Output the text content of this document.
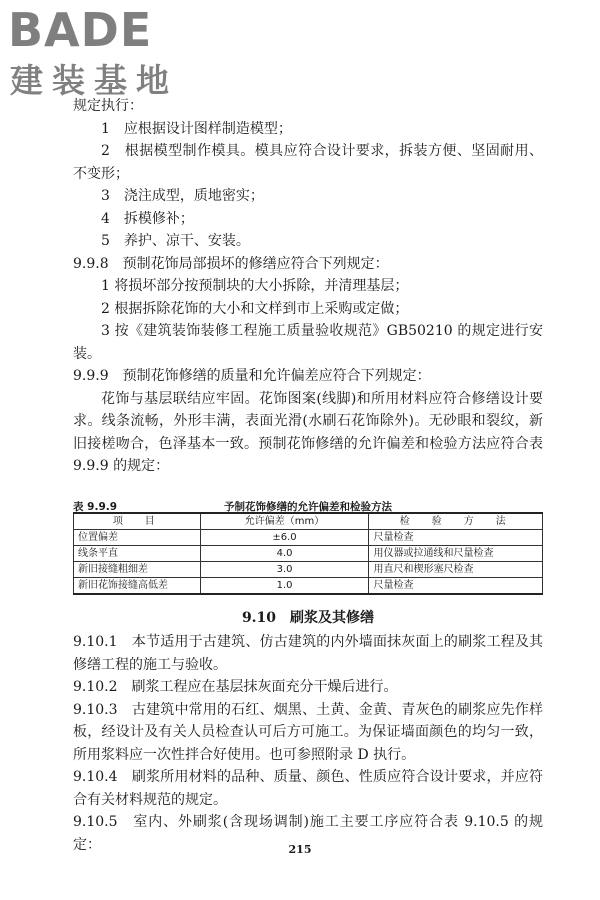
BADE
建装基地

规定执行：

1　应根据设计图样制造模型；

2　根据模型制作模具。模具应符合设计要求，拆装方便、坚固耐用、不变形；

3　浇注成型，质地密实；

4　拆模修补；

5　养护、凉干、安装。

9.9.8　预制花饰局部损坏的修缮应符合下列规定：

1 将损坏部分按预制块的大小拆除，并清理基层；

2 根据拆除花饰的大小和文样到市上采购或定做；

3 按《建筑装饰装修工程施工质量验收规范》GB50210 的规定进行安装。

9.9.9　预制花饰修缮的质量和允许偏差应符合下列规定：

花饰与基层联结应牢固。花饰图案(线脚)和所用材料应符合修缮设计要求。线条流畅，外形丰满，表面光滑(水刷石花饰除外)。无砂眼和裂纹，新旧接槎吻合，色泽基本一致。预制花饰修缮的允许偏差和检验方法应符合表 9.9.9 的规定：

予制花饰修缮的允许偏差和检验方法
表 9.9.9
项　目	允许偏差（mm）	检　验　方　法
位置偏差	±6.0	尺量检查
线条平直	4.0	用仪器或拉通线和尺量检查
新旧接缝粗细差	3.0	用直尺和楔形塞尺检查
新旧花饰接缝高低差	1.0	尺量检查
9.10　刷浆及其修缮

9.10.1　本节适用于古建筑、仿古建筑的内外墙面抹灰面上的刷浆工程及其修缮工程的施工与验收。

9.10.2　刷浆工程应在基层抹灰面充分干燥后进行。

9.10.3　古建筑中常用的石红、烟黑、土黄、金黄、青灰色的刷浆应先作样板，经设计及有关人员检查认可后方可施工。为保证墙面颜色的均匀一致，所用浆料应一次性拌合好使用。也可参照附录 D 执行。

9.10.4　刷浆所用材料的品种、质量、颜色、性质应符合设计要求，并应符合有关材料规范的规定。

9.10.5　室内、外刷浆(含现场调制)施工主要工序应符合表 9.10.5 的规定：	215
